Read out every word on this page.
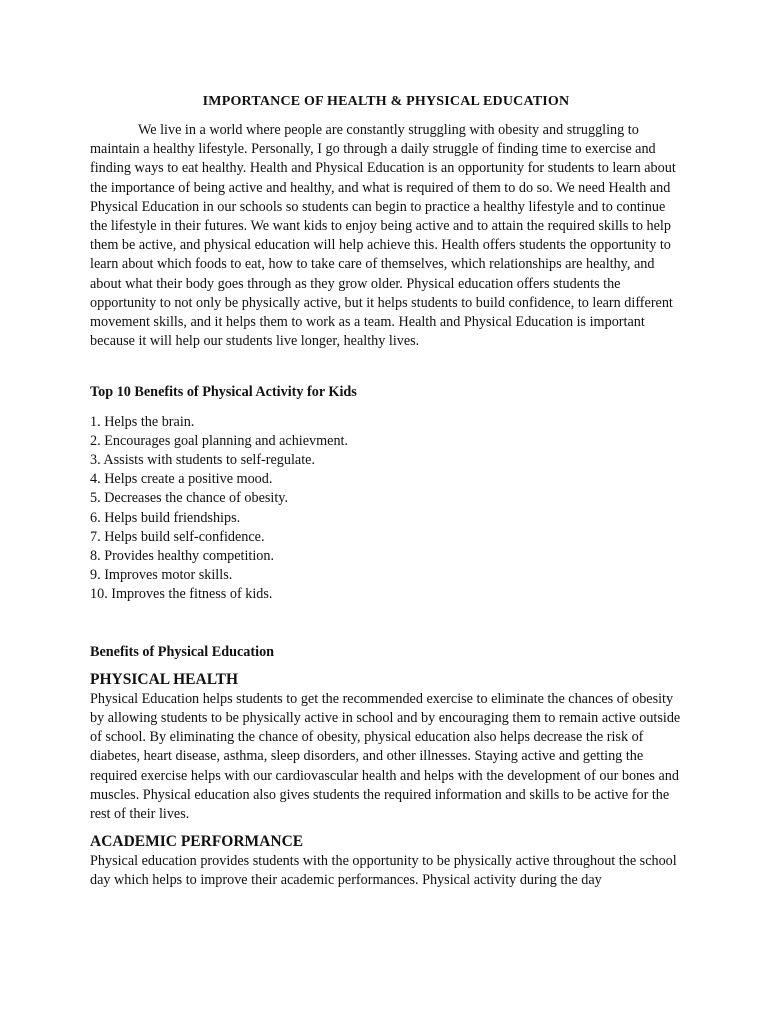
IMPORTANCE OF HEALTH & PHYSICAL EDUCATION

We live in a world where people are constantly struggling with obesity and struggling to maintain a healthy lifestyle. Personally, I go through a daily struggle of finding time to exercise and finding ways to eat healthy. Health and Physical Education is an opportunity for students to learn about the importance of being active and healthy, and what is required of them to do so. We need Health and Physical Education in our schools so students can begin to practice a healthy lifestyle and to continue the lifestyle in their futures. We want kids to enjoy being active and to attain the required skills to help them be active, and physical education will help achieve this. Health offers students the opportunity to learn about which foods to eat, how to take care of themselves, which relationships are healthy, and about what their body goes through as they grow older. Physical education offers students the opportunity to not only be physically active, but it helps students to build confidence, to learn different movement skills, and it helps them to work as a team. Health and Physical Education is important because it will help our students live longer, healthy lives.

Top 10 Benefits of Physical Activity for Kids
1. Helps the brain.
2. Encourages goal planning and achievment.
3. Assists with students to self-regulate.
4. Helps create a positive mood.
5. Decreases the chance of obesity.
6. Helps build friendships.
7. Helps build self-confidence.
8. Provides healthy competition.
9. Improves motor skills.
10. Improves the fitness of kids.
Benefits of Physical Education
PHYSICAL HEALTH

Physical Education helps students to get the recommended exercise to eliminate the chances of obesity by allowing students to be physically active in school and by encouraging them to remain active outside of school. By eliminating the chance of obesity, physical education also helps decrease the risk of diabetes, heart disease, asthma, sleep disorders, and other illnesses. Staying active and getting the required exercise helps with our cardiovascular health and helps with the development of our bones and muscles. Physical education also gives students the required information and skills to be active for the rest of their lives.

ACADEMIC PERFORMANCE

Physical education provides students with the opportunity to be physically active throughout the school day which helps to improve their academic performances. Physical activity during the day
